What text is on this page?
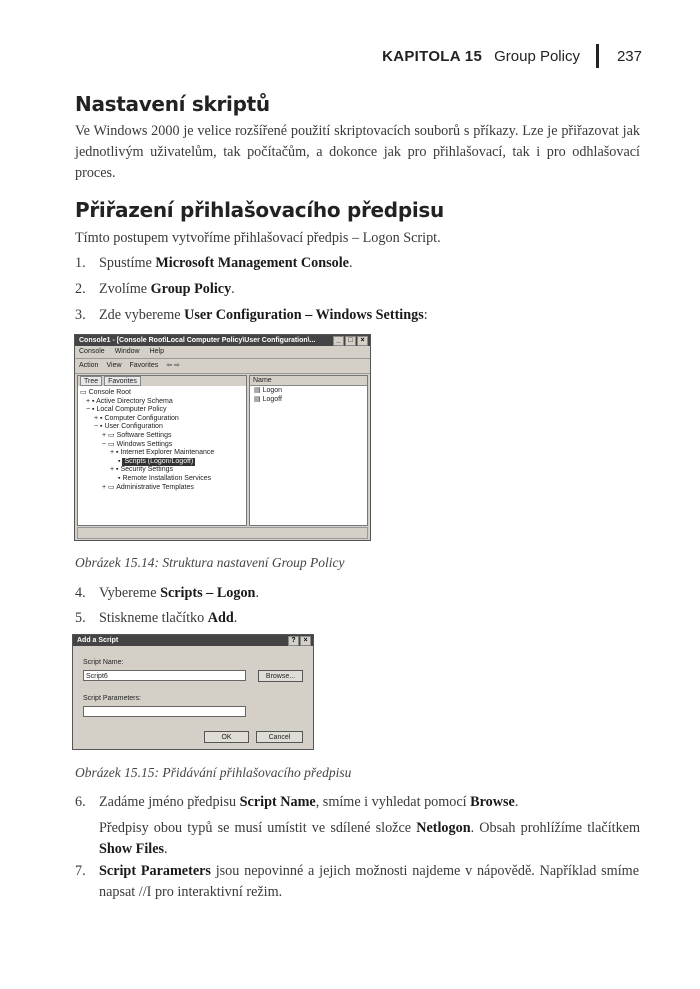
KAPITOLA 15 Group Policy 237
Nastavení skriptů

Ve Windows 2000 je velice rozšířené použití skriptovacích souborů s příkazy. Lze je přiřazovat jak jednotlivým uživatelům, tak počítačům, a dokonce jak pro přihlašovací, tak i pro odhlašovací proces.

Přiřazení přihlašovacího předpisu

Tímto postupem vytvoříme přihlašovací předpis – Logon Script.

1. Spustíme Microsoft Management Console.
2. Zvolíme Group Policy.
3. Zde vybereme User Configuration – Windows Settings:
Console1 - [Console Root\Local Computer Policy\User Configuration\...	_	□	×
Console Window Help
Action View Favorites ⇦ ⇨
Tree	Favorites
▭ Console Root
+ ▪ Active Directory Schema
− ▪ Local Computer Policy
+ ▪ Computer Configuration
− ▪ User Configuration
+ ▭ Software Settings
− ▭ Windows Settings
+ ▪ Internet Explorer Maintenance
▪ Scripts (Logon/Logoff)
+ ▪ Security Settings
▪ Remote Installation Services
+ ▭ Administrative Templates
Name
▤ Logon
▤ Logoff
Obrázek 15.14: Struktura nastavení Group Policy
4. Vybereme Scripts – Logon.
5. Stiskneme tlačítko Add.
Add a Script	?	×
Script Name:
Script6	Browse...
Script Parameters:
OK	Cancel
Obrázek 15.15: Přidávání přihlašovacího předpisu
6. Zadáme jméno předpisu Script Name, smíme i vyhledat pomocí Browse.
Předpisy obou typů se musí umístit ve sdílené složce Netlogon. Obsah prohlížíme tlačítkem Show Files.
7. Script Parameters jsou nepovinné a jejich možnosti najdeme v nápovědě. Například smíme napsat //I pro interaktivní režim.
